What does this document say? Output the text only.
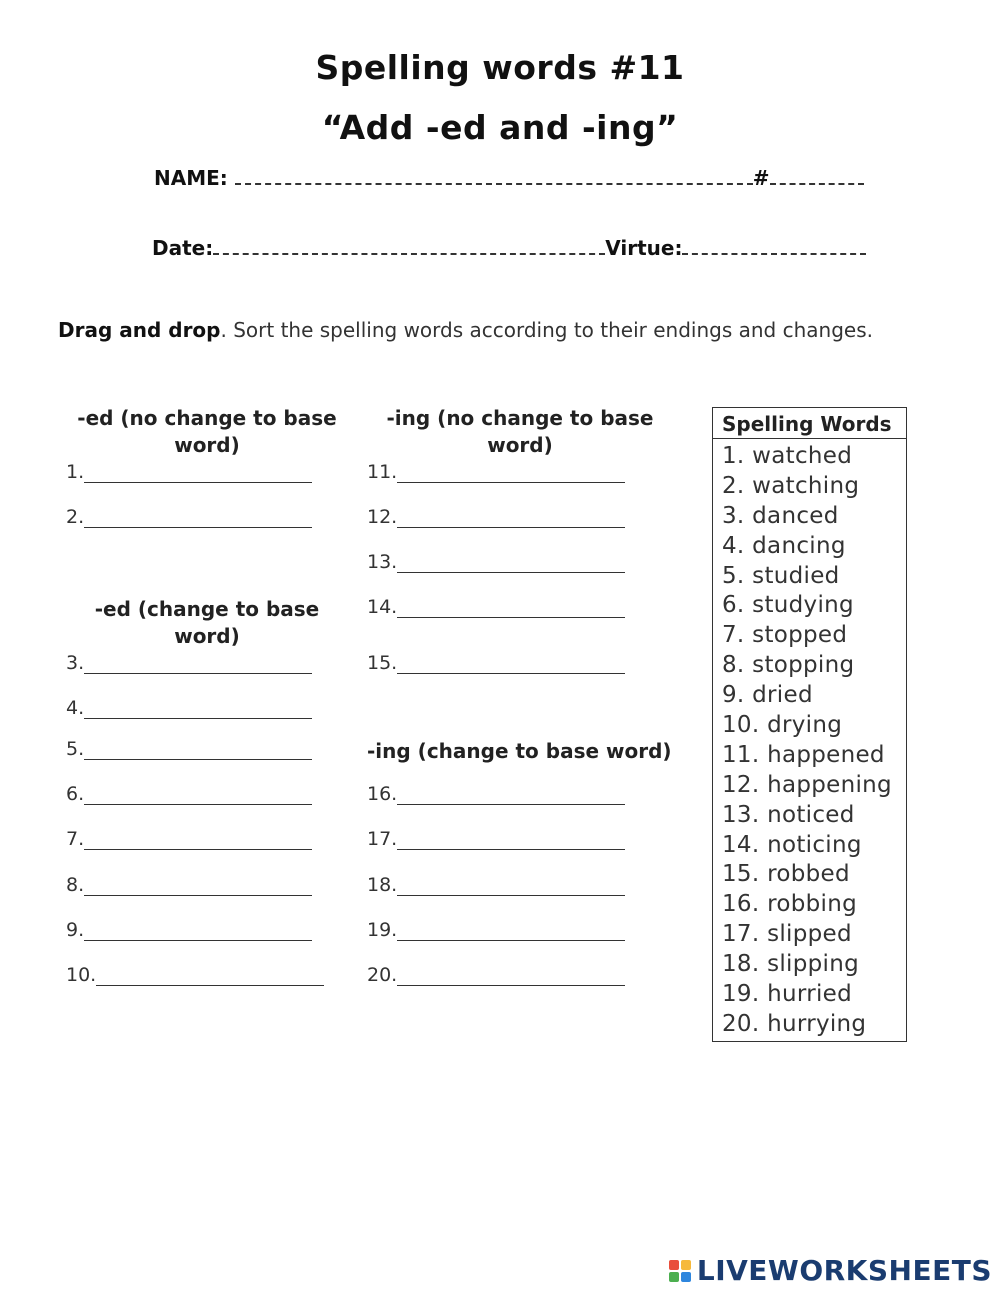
Spelling words #11
“Add -ed and -ing”
NAME:	#
Date:	Virtue:
Drag and drop. Sort the spelling words according to their endings and changes.
-ed (no change to base word)
1.
2.
-ed (change to base word)
3.
4.
5.
6.
7.
8.
9.
10.
-ing (no change to base word)
11.
12.
13.
14.
15.
-ing (change to base word)
16.
17.
18.
19.
20.
Spelling Words
1. watched
2. watching
3. danced
4. dancing
5. studied
6. studying
7. stopped
8. stopping
9. dried
10. drying
11. happened
12. happening
13. noticed
14. noticing
15. robbed
16. robbing
17. slipped
18. slipping
19. hurried
20. hurrying
LIVEWORKSHEETS
